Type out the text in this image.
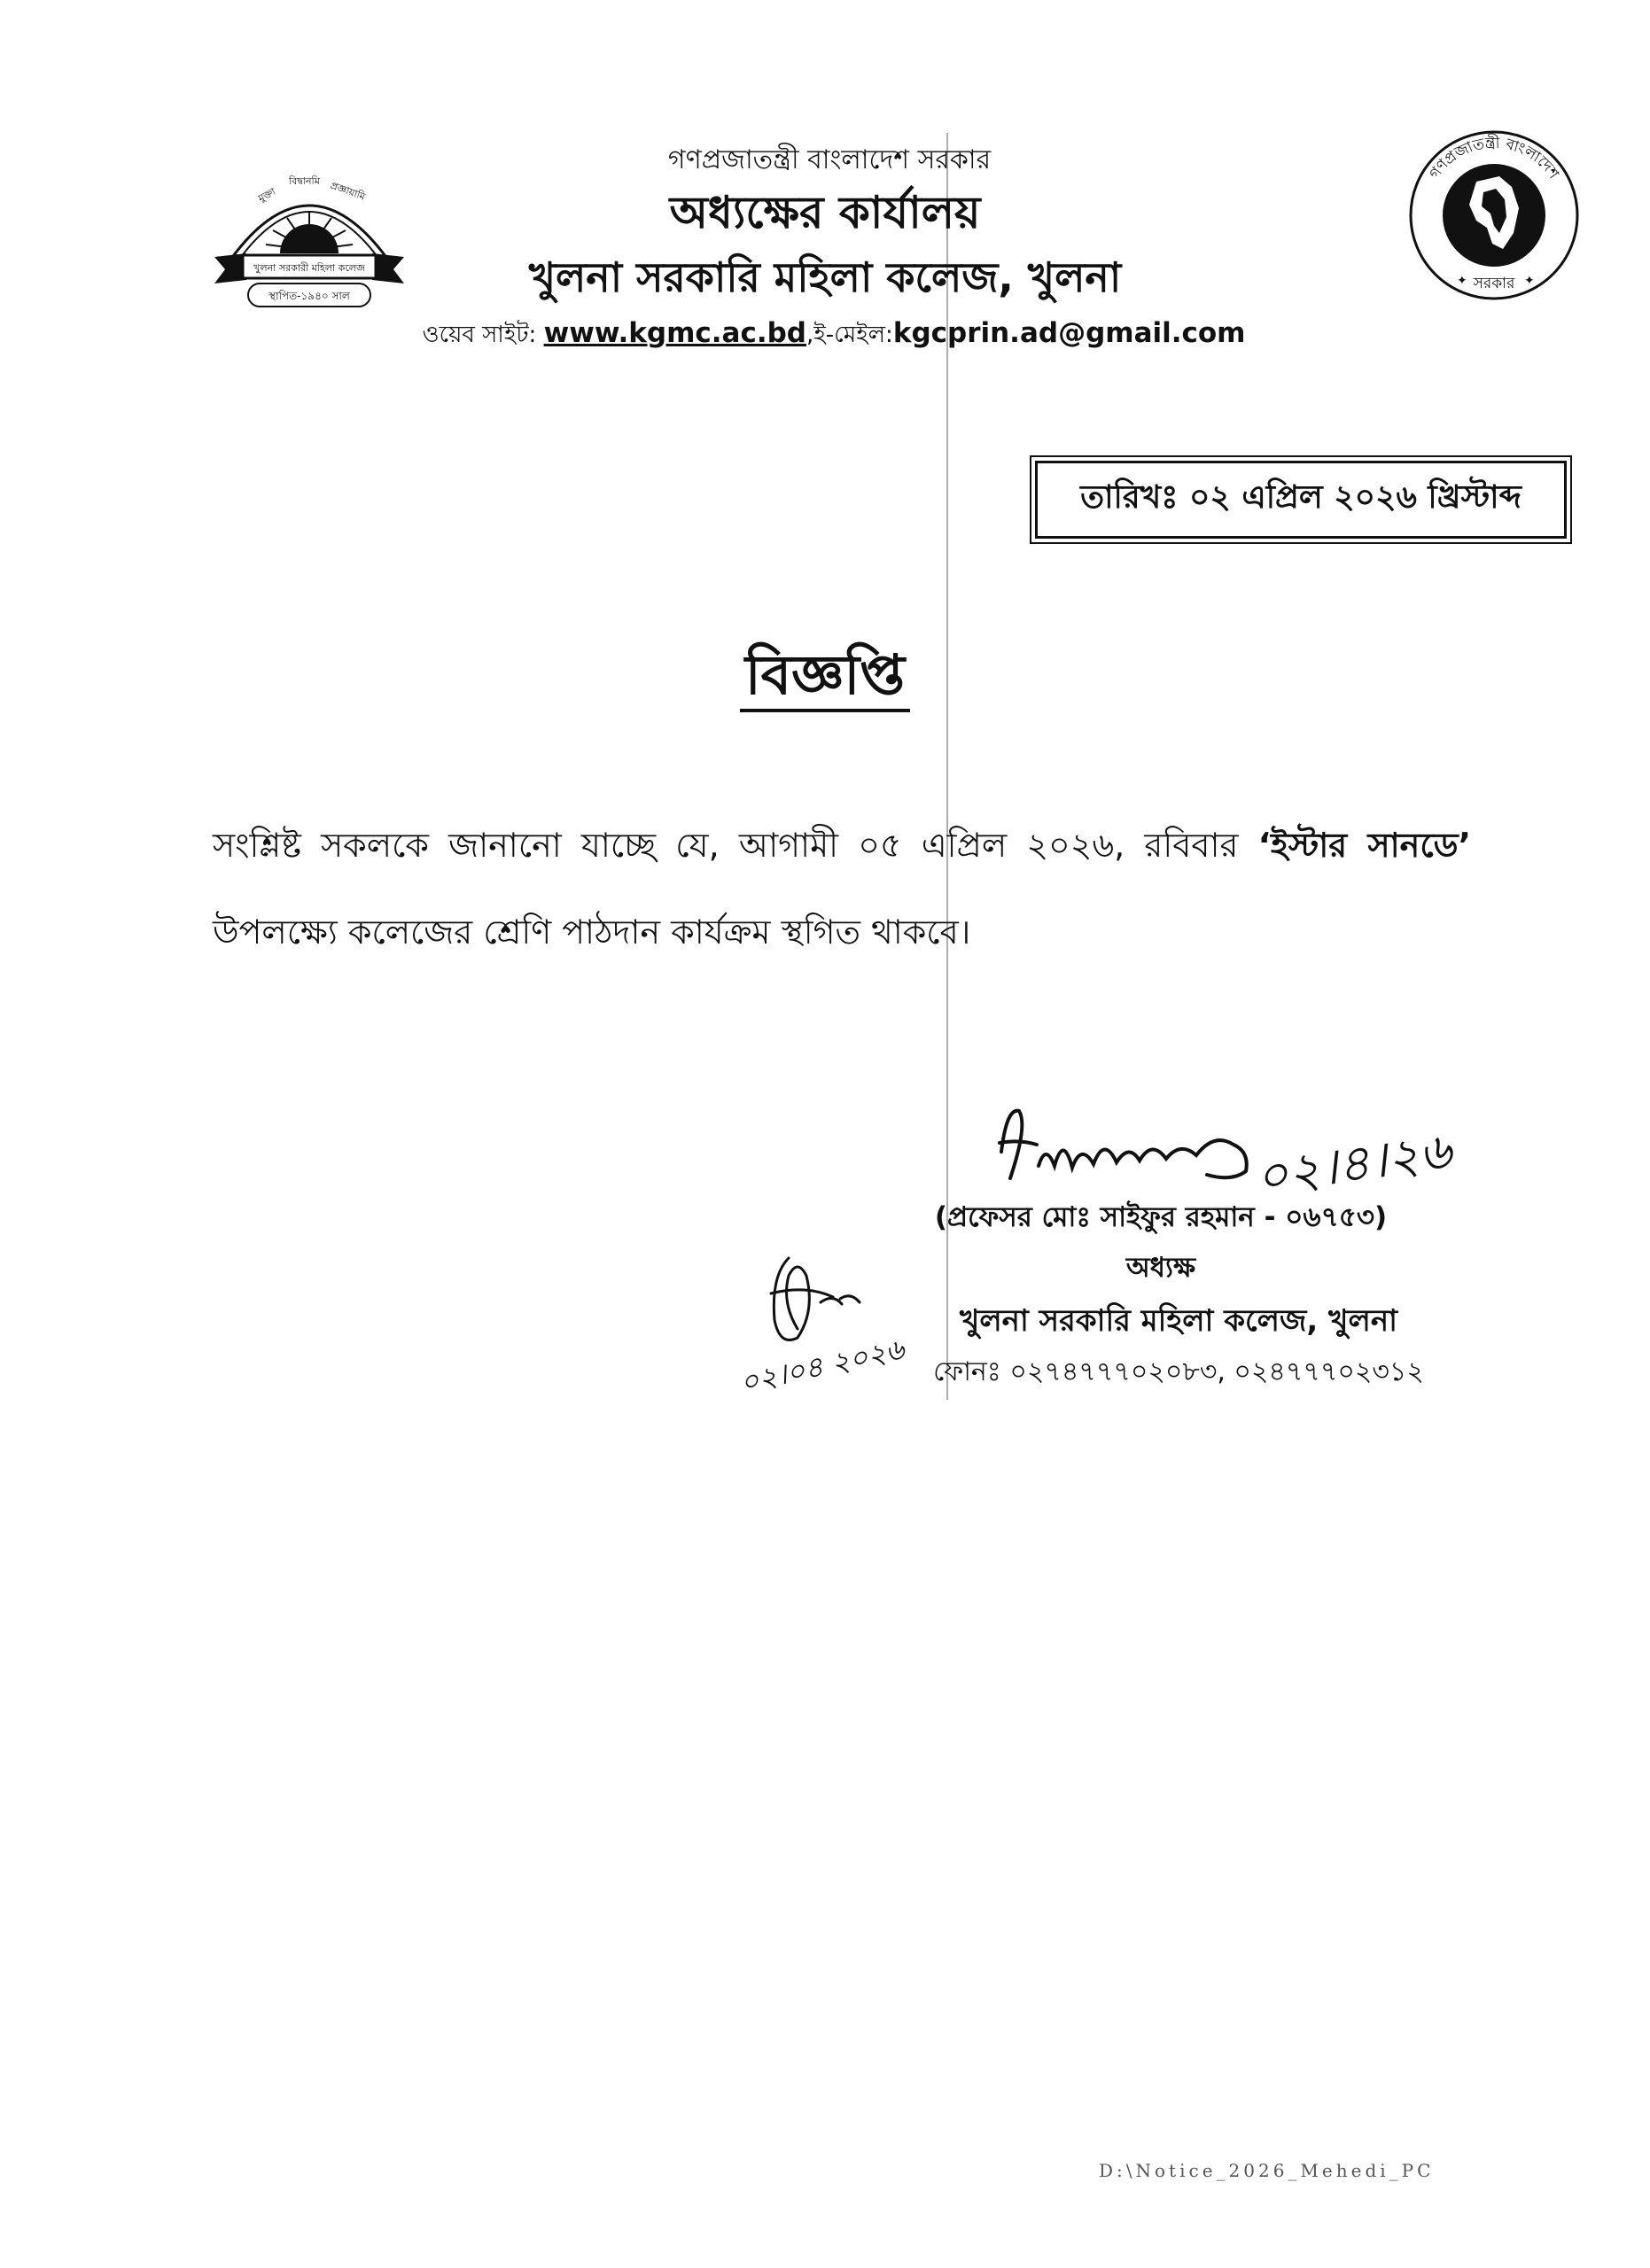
মুক্তা
বিদ্বানমি প্রজ্ঞায়ামি
খুলনা সরকারী মহিলা কলেজ
স্থাপিত-১৯৪০ সাল
গণপ্রজাতন্ত্রী বাংলাদেশ
সরকার
✦	✦
গণপ্রজাতন্ত্রী বাংলাদেশ সরকার
অধ্যক্ষের কার্যালয়
খুলনা সরকারি মহিলা কলেজ, খুলনা
ওয়েব সাইট: www.kgmc.ac.bd,ই-মেইল:kgcprin.ad@gmail.com
তারিখঃ ০২ এপ্রিল ২০২৬ খ্রিস্টাব্দ
বিজ্ঞপ্তি
সংশ্লিষ্ট সকলকে জানানো যাচ্ছে যে, আগামী ০৫ এপ্রিল ২০২৬, রবিবার ‘ইস্টার সানডে’ উপলক্ষ্যে কলেজের শ্রেণি পাঠদান কার্যক্রম স্থগিত থাকবে।
০২।৪।২৬
(প্রফেসর মোঃ সাইফুর রহমান - ০৬৭৫৩)
অধ্যক্ষ
খুলনা সরকারি মহিলা কলেজ, খুলনা
ফোনঃ ০২৭৪৭৭৭০২০৮৩, ০২৪৭৭৭০২৩১২
০২।০৪ ২০২৬
D:\Notice_2026_Mehedi_PC
